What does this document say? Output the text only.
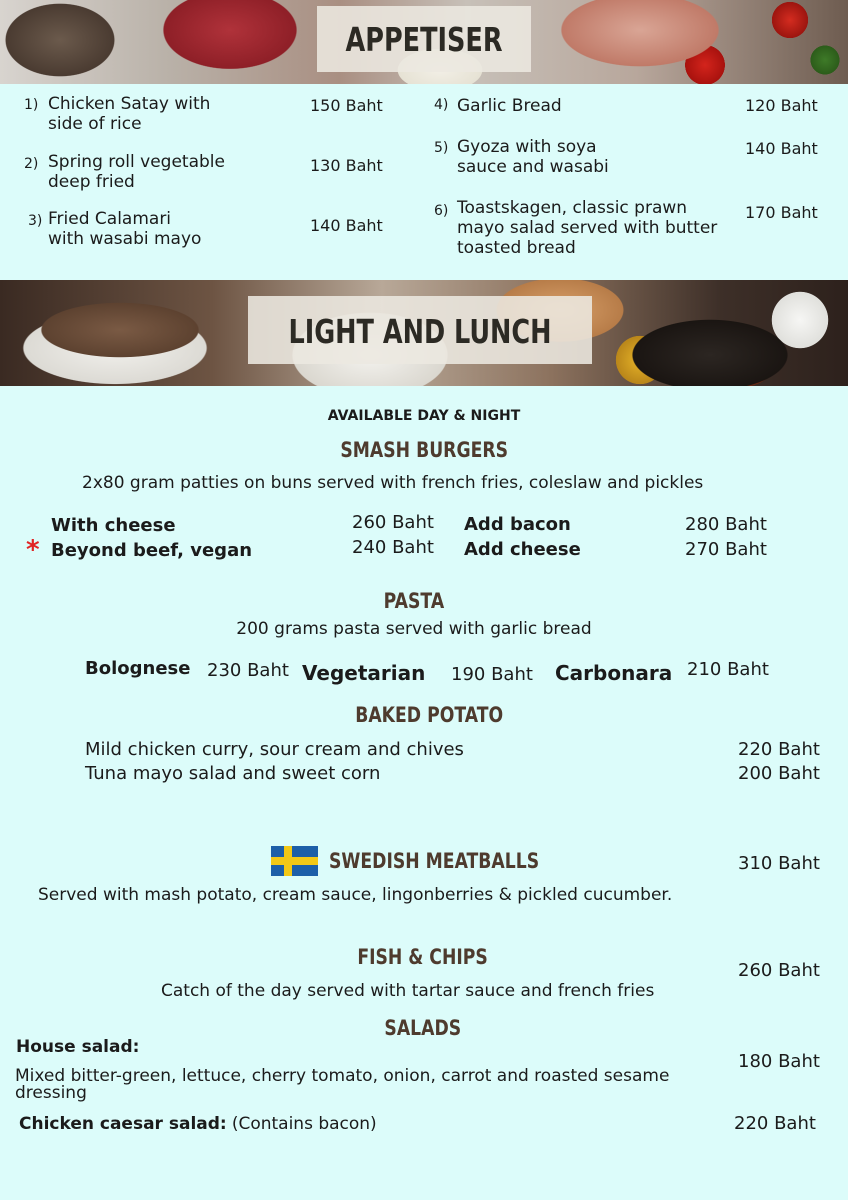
APPETISER
1) Chicken Satay with
side of rice
150 Baht
2) Spring roll vegetable
deep fried
130 Baht
3) Fried Calamari
with wasabi mayo
140 Baht
4) Garlic Bread	120 Baht
5) Gyoza with soya
sauce and wasabi
140 Baht
6) Toastskagen, classic prawn
mayo salad served with butter
toasted bread
170 Baht
LIGHT AND LUNCH
AVAILABLE DAY & NIGHT
SMASH BURGERS
2x80 gram patties on buns served with french fries, coleslaw and pickles
With cheese	260 Baht
* Beyond beef, vegan	240 Baht
Add bacon	280 Baht
Add cheese	270 Baht
PASTA
200 grams pasta served with garlic bread
Bolognese 230 Baht Vegetarian 190 Baht Carbonara 210 Baht
BAKED POTATO
Mild chicken curry, sour cream and chives	220 Baht
Tuna mayo salad and sweet corn	200 Baht
SWEDISH MEATBALLS	310 Baht
Served with mash potato, cream sauce, lingonberries & pickled cucumber.
FISH & CHIPS
260 Baht
Catch of the day served with tartar sauce and french fries
SALADS
House salad:
180 Baht
Mixed bitter-green, lettuce, cherry tomato, onion, carrot and roasted sesame
dressing
Chicken caesar salad: (Contains bacon)	220 Baht
